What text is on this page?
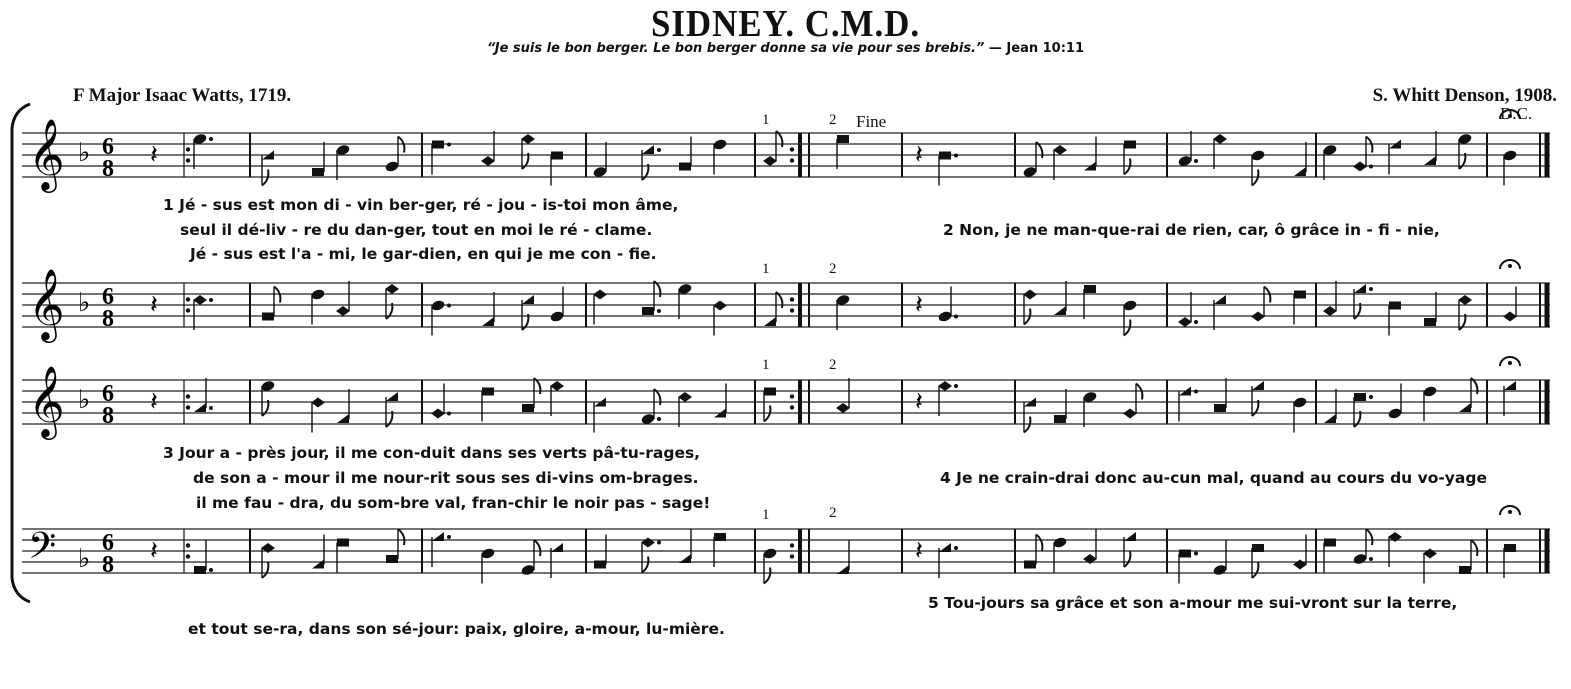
𝄞 ♭ 6
8 𝄽	𝄽
𝄞 ♭ 6
8 𝄽	𝄽
𝄞 ♭ 6
8 𝄽	𝄽
𝄢 ♭
6
8 𝄽	𝄽
SIDNEY. C.M.D.
“Je suis le bon berger. Le bon berger donne sa vie pour ses brebis.” — Jean 10:11
F Major Isaac Watts, 1719.	S. Whitt Denson, 1908.
1	2 Fine	D.C.
1	2
1	2
1	2
1 Jé - sus est mon di - vin ber-ger, ré - jou - is-toi mon âme,
seul il dé-liv - re du dan-ger, tout en moi le ré - clame.
Jé - sus est l'a - mi, le gar-dien, en qui je me con - fie.
2 Non, je ne man-que-rai de rien, car, ô grâce in - fi - nie,
3 Jour a - près jour, il me con-duit dans ses verts pâ-tu-rages,
de son a - mour il me nour-rit sous ses di-vins om-brages.
il me fau - dra, du som-bre val, fran-chir le noir pas - sage!
4 Je ne crain-drai donc au-cun mal, quand au cours du vo-yage
5 Tou-jours sa grâce et son a-mour me sui-vront sur la terre,
et tout se-ra, dans son sé-jour: paix, gloire, a-mour, lu-mière.
